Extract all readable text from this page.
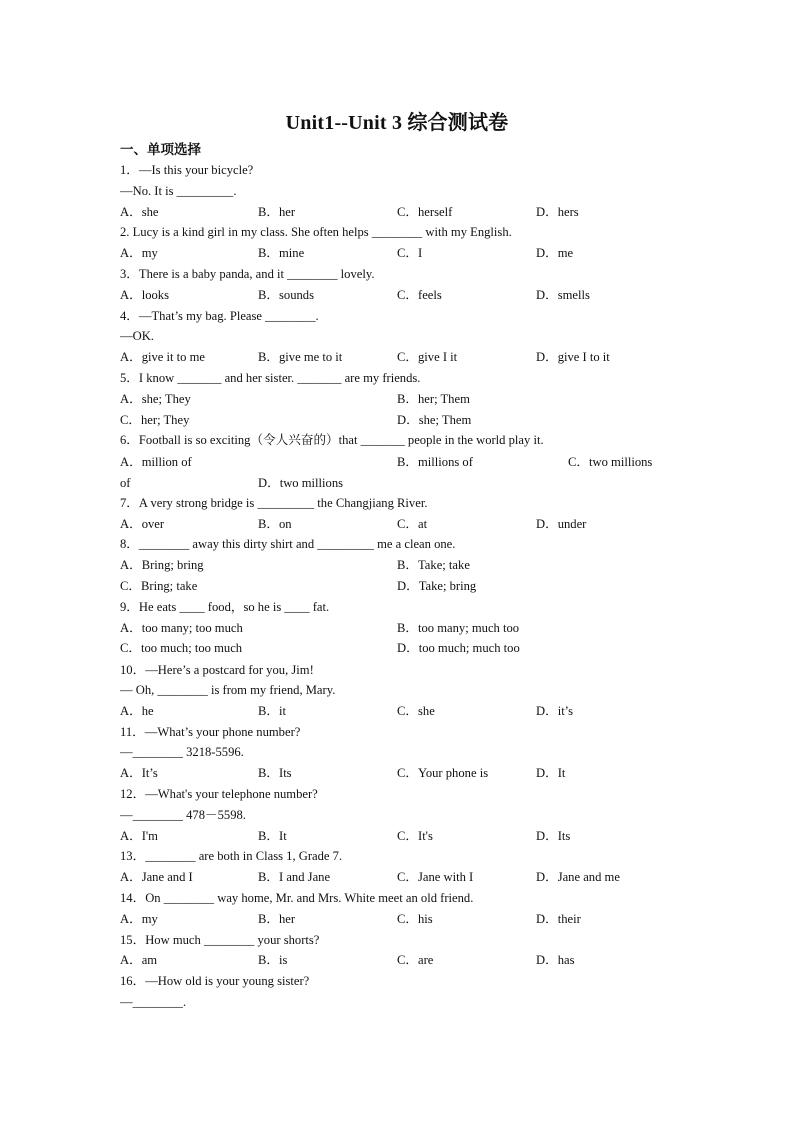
Unit1--Unit 3 综合测试卷
一、单项选择
1．—Is this your bicycle?
—No. It is _________.
A．she	B．her	C．herself	D．hers
2. Lucy is a kind girl in my class. She often helps ________ with my English.
A．my	B．mine	C．I	D．me
3．There is a baby panda, and it ________ lovely.
A．looks	B．sounds	C．feels	D．smells
4．—That’s my bag. Please ________.
—OK.
A．give it to me	B．give me to it	C．give I it	D．give I to it
5．I know _______ and her sister. _______ are my friends.
A．she; They	B．her; Them
C．her; They	D．she; Them
6．Football is so exciting（令人兴奋的）that _______ people in the world play it.
A．million of	B．millions of	C．two millions
of	D．two millions
7．A very strong bridge is _________ the Changjiang River.
A．over	B．on	C．at	D．under
8．________ away this dirty shirt and _________ me a clean one.
A．Bring; bring	B．Take; take
C．Bring; take	D．Take; bring
9．He eats ____ food，so he is ____ fat.
A．too many; too much	B．too many; much too
C．too much; too much	D．too much; much too
10．—Here’s a postcard for you, Jim!
— Oh, ________ is from my friend, Mary.
A．he	B．it	C．she	D．it’s
11．—What’s your phone number?
—________ 3218-5596.
A．It’s	B．Its	C．Your phone is	D．It
12．—What's your telephone number?
—________ 478－5598.
A．I'm	B．It	C．It's	D．Its
13．________ are both in Class 1, Grade 7.
A．Jane and I	B．I and Jane	C．Jane with I	D．Jane and me
14．On ________ way home, Mr. and Mrs. White meet an old friend.
A．my	B．her	C．his	D．their
15．How much ________ your shorts?
A．am	B．is	C．are	D．has
16．—How old is your young sister?
—________.
